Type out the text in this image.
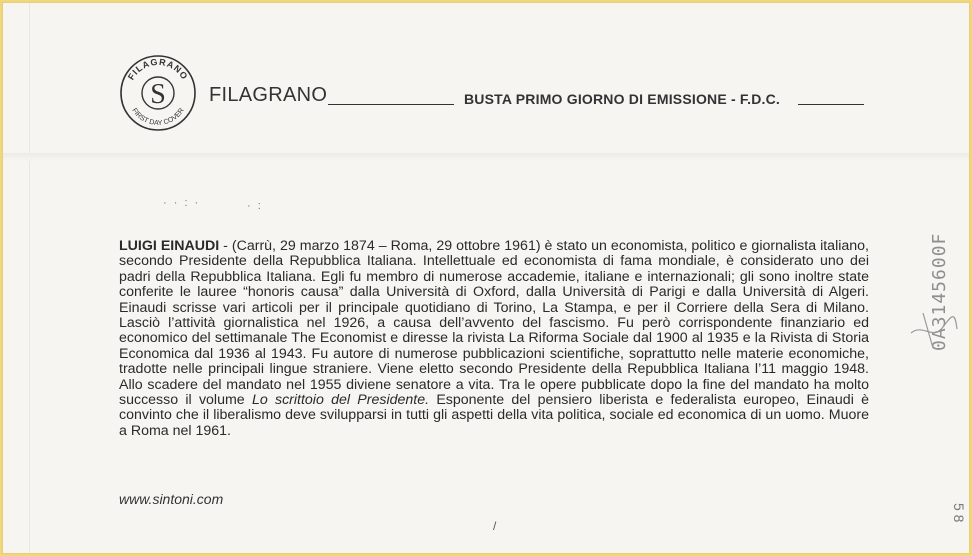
FILAGRANO
FIRST DAY COVER
S FILAGRANO	BUSTA PRIMO GIORNO DI EMISSIONE - F.D.C.
· · : ·	· :
LUIGI EINAUDI - (Carrù, 29 marzo 1874 – Roma, 29 ottobre 1961) è stato un economista, politico e giornalista italiano, secondo Presidente della Repubblica Italiana. Intellettuale ed economista di fama mondiale, è considerato uno dei padri della Repubblica Italiana. Egli fu membro di numerose accademie, italiane e internazionali; gli sono inoltre state conferite le lauree “honoris causa” dalla Università di Oxford, dalla Università di Parigi e dalla Università di Algeri. Einaudi scrisse vari articoli per il principale quotidiano di Torino, La Stampa, e per il Corriere della Sera di Milano. Lasciò l’attività giornalistica nel 1926, a causa dell’avvento del fascismo. Fu però corrispondente finanziario ed economico del settimanale The Economist e diresse la rivista La Riforma Sociale dal 1900 al 1935 e la Rivista di Storia Economica dal 1936 al 1943. Fu autore di numerose pubblicazioni scientifiche, soprattutto nelle materie economiche, tradotte nelle principali lingue straniere. Viene eletto secondo Presidente della Repubblica Italiana l’11 maggio 1948. Allo scadere del mandato nel 1955 diviene senatore a vita. Tra le opere pubblicate dopo la fine del mandato ha molto successo il volume Lo scrittoio del Presidente. Esponente del pensiero liberista e federalista europeo, Einaudi è convinto che il liberalismo deve svilupparsi in tutti gli aspetti della vita politica, sociale ed economica di un uomo. Muore a Roma nel 1961.
www.sintoni.com
0A3145600F
5 8
/
